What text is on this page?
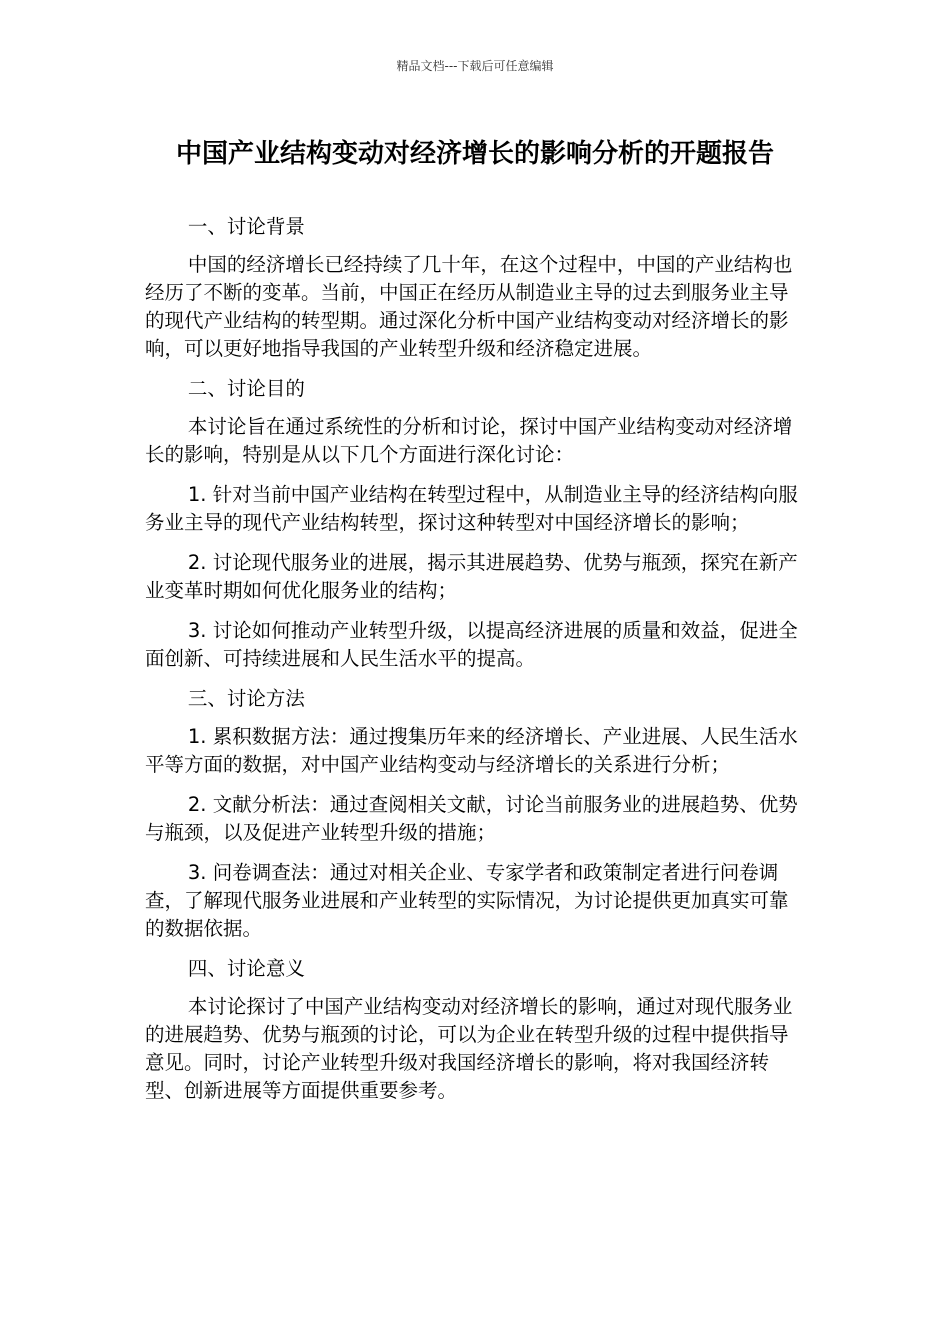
精品文档---下载后可任意编辑
中国产业结构变动对经济增长的影响分析的开题报告

一、讨论背景

中国的经济增长已经持续了几十年，在这个过程中，中国的产业结构也经历了不断的变革。当前，中国正在经历从制造业主导的过去到服务业主导的现代产业结构的转型期。通过深化分析中国产业结构变动对经济增长的影响，可以更好地指导我国的产业转型升级和经济稳定进展。

二、讨论目的

本讨论旨在通过系统性的分析和讨论，探讨中国产业结构变动对经济增长的影响，特别是从以下几个方面进行深化讨论：

1. 针对当前中国产业结构在转型过程中，从制造业主导的经济结构向服务业主导的现代产业结构转型，探讨这种转型对中国经济增长的影响；

2. 讨论现代服务业的进展，揭示其进展趋势、优势与瓶颈，探究在新产业变革时期如何优化服务业的结构；

3. 讨论如何推动产业转型升级，以提高经济进展的质量和效益，促进全面创新、可持续进展和人民生活水平的提高。

三、讨论方法

1. 累积数据方法：通过搜集历年来的经济增长、产业进展、人民生活水平等方面的数据，对中国产业结构变动与经济增长的关系进行分析；

2. 文献分析法：通过查阅相关文献，讨论当前服务业的进展趋势、优势与瓶颈，以及促进产业转型升级的措施；

3. 问卷调查法：通过对相关企业、专家学者和政策制定者进行问卷调查，了解现代服务业进展和产业转型的实际情况，为讨论提供更加真实可靠的数据依据。

四、讨论意义

本讨论探讨了中国产业结构变动对经济增长的影响，通过对现代服务业的进展趋势、优势与瓶颈的讨论，可以为企业在转型升级的过程中提供指导意见。同时，讨论产业转型升级对我国经济增长的影响，将对我国经济转型、创新进展等方面提供重要参考。
